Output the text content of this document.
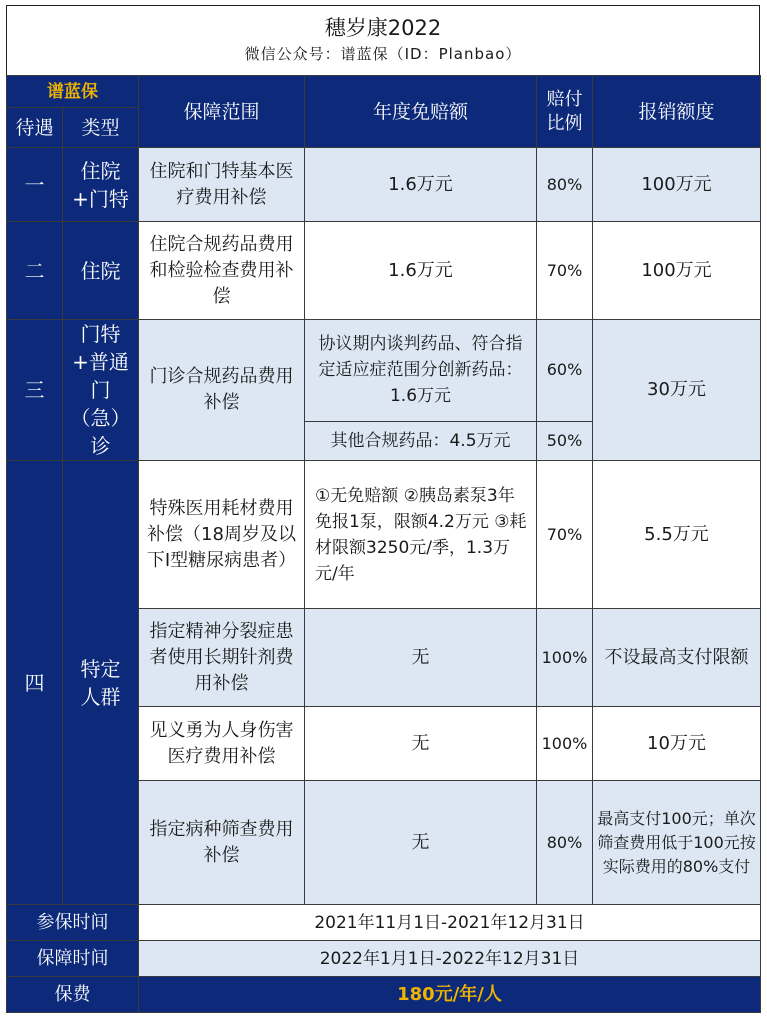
穗岁康2022
微信公众号：谱蓝保（ID：Planbao）
谱蓝保		保障范围	年度免赔额	赔付比例	报销额度
待遇	类型				
一	住院+门特	住院和门特基本医疗费用补偿	1.6万元	80%	100万元
二	住院	住院合规药品费用和检验检查费用补偿	1.6万元	70%	100万元
三	门特+普通门（急）诊	门诊合规药品费用补偿	协议期内谈判药品、符合指定适应症范围分创新药品：1.6万元	60%	30万元
			其他合规药品：4.5万元	50%	
四	特定人群	特殊医用耗材费用补偿（18周岁及以下I型糖尿病患者）	①无免赔额 ②胰岛素泵3年免报1泵，限额4.2万元 ③耗材限额3250元/季，1.3万元/年	70%	5.5万元
		指定精神分裂症患者使用长期针剂费用补偿	无	100%	不设最高支付限额
		见义勇为人身伤害医疗费用补偿	无	100%	10万元
		指定病种筛查费用补偿	无	80%	最高支付100元；单次筛查费用低于100元按实际费用的80%支付
参保时间		2021年11月1日-2021年12月31日			
保障时间		2022年1月1日-2022年12月31日			
保费		180元/年/人			
